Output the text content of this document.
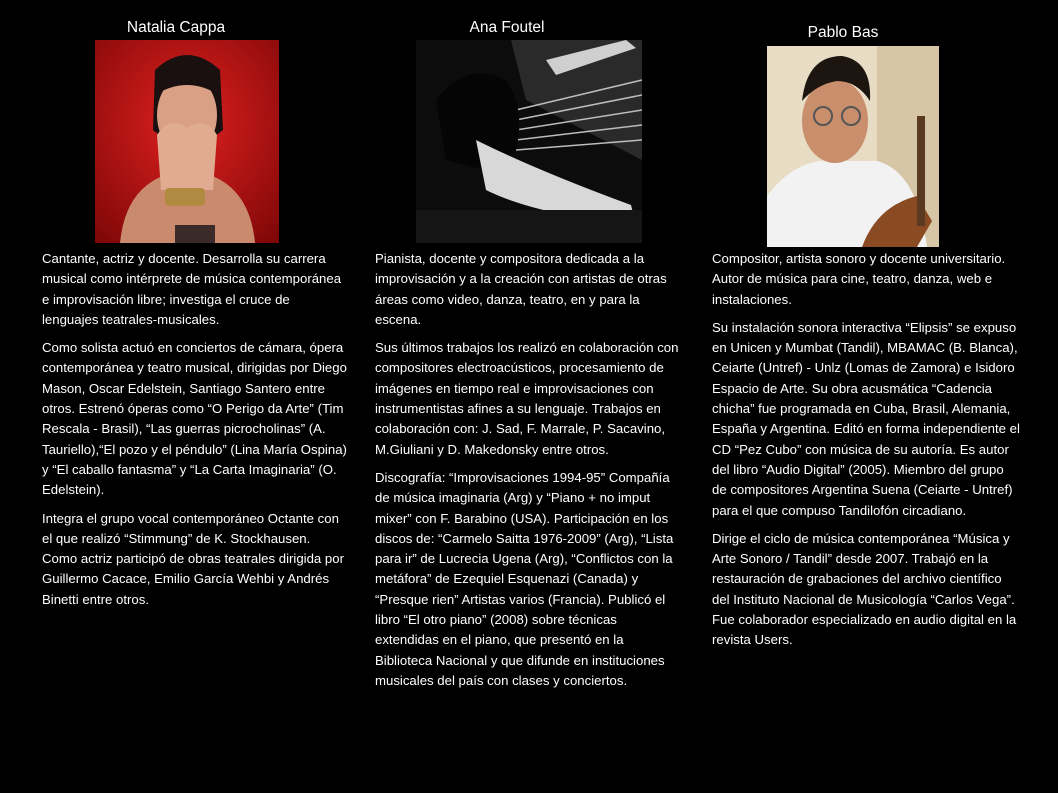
Natalia Cappa	Ana Foutel	Pablo Bas

Cantante, actriz y docente. Desarrolla su carrera musical como intérprete de música contemporánea e improvisación libre; investiga el cruce de lenguajes teatrales-musicales.

Como solista actuó en conciertos de cámara, ópera contemporánea y teatro musical, dirigidas por Diego Mason, Oscar Edelstein, Santiago Santero entre otros. Estrenó óperas como “O Perigo da Arte” (Tim Rescala - Brasil), “Las guerras picrocholinas” (A. Tauriello),“El pozo y el péndulo” (Lina María Ospina) y “El caballo fantasma” y “La Carta Imaginaria” (O. Edelstein).

Integra el grupo vocal contemporáneo Octante con el que realizó “Stimmung” de K. Stockhausen. Como actriz participó de obras teatrales dirigida por Guillermo Cacace, Emilio García Wehbi y Andrés Binetti entre otros.

Pianista, docente y compositora dedicada a la improvisación y a la creación con artistas de otras áreas como video, danza, teatro, en y para la escena.

Sus últimos trabajos los realizó en colaboración con compositores electroacústicos, procesamiento de imágenes en tiempo real e improvisaciones con instrumentistas afines a su lenguaje. Trabajos en colaboración con: J. Sad, F. Marrale, P. Sacavino, M.Giuliani y D. Makedonsky entre otros.

Discografía: “Improvisaciones 1994-95” Compañía de música imaginaria (Arg) y “Piano + no imput mixer” con F. Barabino (USA). Participación en los discos de: “Carmelo Saitta 1976-2009” (Arg), “Lista para ir” de Lucrecia Ugena (Arg), “Conflictos con la metáfora” de Ezequiel Esquenazi (Canada) y “Presque rien” Artistas varios (Francia). Publicó el libro “El otro piano” (2008) sobre técnicas extendidas en el piano, que presentó en la Biblioteca Nacional y que difunde en instituciones musicales del país con clases y conciertos.

Compositor, artista sonoro y docente universitario. Autor de música para cine, teatro, danza, web e instalaciones.

Su instalación sonora interactiva “Elipsis” se expuso en Unicen y Mumbat (Tandil), MBAMAC (B. Blanca), Ceiarte (Untref) - Unlz (Lomas de Zamora) e Isidoro Espacio de Arte. Su obra acusmática “Cadencia chicha” fue programada en Cuba, Brasil, Alemania, España y Argentina. Editó en forma independiente el CD “Pez Cubo” con música de su autoría. Es autor del libro “Audio Digital” (2005). Miembro del grupo de compositores Argentina Suena (Ceiarte - Untref) para el que compuso Tandilofón circadiano.

Dirige el ciclo de música contemporánea “Música y Arte Sonoro / Tandil” desde 2007. Trabajó en la restauración de grabaciones del archivo científico del Instituto Nacional de Musicología “Carlos Vega”. Fue colaborador especializado en audio digital en la revista Users.
